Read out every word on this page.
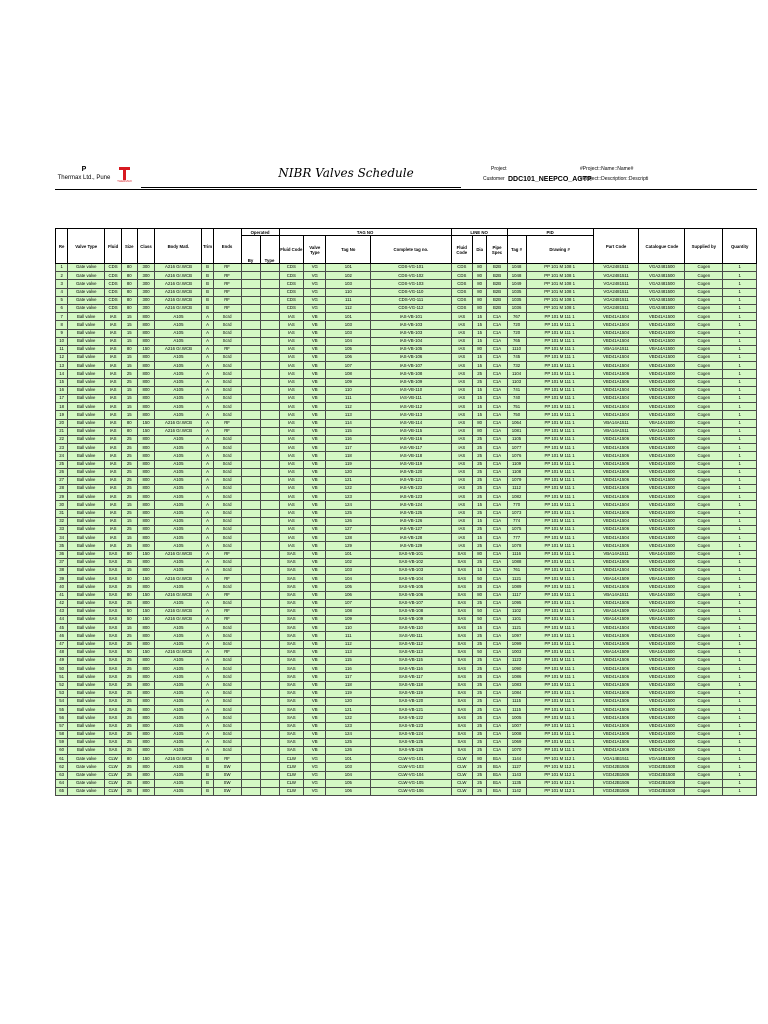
P
Thermax Ltd., Pune	THERMAX
NIBR Valves Schedule	Project	#Project::Name::Name#
Customer DDC101_NEEPCO_AGTP
#Project::Description::Descripti
Re	Valve Type	Fluid	Size	Class	Body Matl.	Trim	Ends	Operated		TAG NO				LINE NO			PID		Part Code	Catalogue Code	Supplied by	Quantity
								By	Type	Fluid Code	Valve Type	Tag No	Complete tag no.	Fluid Code	Dia	Pipe Spec	Tag #	Drawing #				
1	Gate valve	CDS	80	300	A216 Gr.WCB	B	RF			CDS	VG	101	CDS-VG-101	CDS	80	B2B	1048	PP 101 M 108 1	VGA2481511	VGA2481500	Cogen	1
2	Gate valve	CDS	80	300	A216 Gr.WCB	B	RF			CDS	VG	102	CDS-VG-102	CDS	80	B2B	1048	PP 101 M 108 1	VGA2481511	VGA2481500	Cogen	1
3	Gate valve	CDS	80	300	A216 Gr.WCB	B	RF			CDS	VG	103	CDS-VG-103	CDS	80	B2B	1049	PP 101 M 108 1	VGA2481511	VGA2481500	Cogen	1
4	Gate valve	CDS	80	300	A216 Gr.WCB	B	RF			CDS	VG	110	CDS-VG-110	CDS	80	B2B	1035	PP 101 M 108 1	VGA2481511	VGA2481500	Cogen	1
5	Gate valve	CDS	80	300	A216 Gr.WCB	B	RF			CDS	VG	111	CDS-VG-111	CDS	80	B2B	1035	PP 101 M 108 1	VGA2481511	VGA2481500	Cogen	1
6	Gate valve	CDS	80	300	A216 Gr.WCB	B	RF			CDS	VG	112	CDS-VG-112	CDS	80	B2B	1036	PP 101 M 108 1	VGA2481511	VGA2481500	Cogen	1
7	Ball valve	IAS	15	800	A105	A	Scrd			IAS	VB	101	IAS-VB-101	IAS	15	C1A	767	PP 101 M 111 1	VBD41A1504	VBD41A1500	Cogen	1
8	Ball valve	IAS	15	800	A105	A	Scrd			IAS	VB	103	IAS-VB-103	IAS	15	C1A	720	PP 101 M 111 1	VBD41A1504	VBD41A1500	Cogen	1
9	Ball valve	IAS	15	800	A105	A	Scrd			IAS	VB	103	IAS-VB-103	IAS	15	C1A	720	PP 101 M 111 1	VBD41A1504	VBD41A1500	Cogen	1
10	Ball valve	IAS	15	800	A105	A	Scrd			IAS	VB	104	IAS-VB-104	IAS	15	C1A	765	PP 101 M 111 1	VBD41A1504	VBD41A1500	Cogen	1
11	Ball valve	IAS	80	150	A216 Gr.WCB	A	RF			IAS	VB	105	IAS-VB-105	IAS	80	C1A	1110	PP 101 M 111 1	VBA14A1511	VBA14A1500	Cogen	1
12	Ball valve	IAS	15	800	A105	A	Scrd			IAS	VB	106	IAS-VB-106	IAS	15	C1A	745	PP 101 M 111 1	VBD41A1504	VBD41A1500	Cogen	1
13	Ball valve	IAS	15	800	A105	A	Scrd			IAS	VB	107	IAS-VB-107	IAS	15	C1A	732	PP 101 M 111 1	VBD41A1504	VBD41A1500	Cogen	1
14	Ball valve	IAS	25	800	A105	A	Scrd			IAS	VB	108	IAS-VB-108	IAS	25	C1A	1104	PP 101 M 111 1	VBD41A1506	VBD41A1500	Cogen	1
15	Ball valve	IAS	25	800	A105	A	Scrd			IAS	VB	109	IAS-VB-109	IAS	25	C1A	1103	PP 101 M 111 1	VBD41A1506	VBD41A1500	Cogen	1
16	Ball valve	IAS	15	800	A105	A	Scrd			IAS	VB	110	IAS-VB-110	IAS	15	C1A	741	PP 101 M 111 1	VBD41A1504	VBD41A1500	Cogen	1
17	Ball valve	IAS	15	800	A105	A	Scrd			IAS	VB	111	IAS-VB-111	IAS	15	C1A	740	PP 101 M 111 1	VBD41A1504	VBD41A1500	Cogen	1
18	Ball valve	IAS	15	800	A105	A	Scrd			IAS	VB	112	IAS-VB-112	IAS	15	C1A	751	PP 101 M 111 1	VBD41A1504	VBD41A1500	Cogen	1
19	Ball valve	IAS	15	800	A105	A	Scrd			IAS	VB	113	IAS-VB-113	IAS	15	C1A	750	PP 101 M 111 1	VBD41A1504	VBD41A1500	Cogen	1
20	Ball valve	IAS	80	150	A216 Gr.WCB	A	RF			IAS	VB	114	IAS-VB-114	IAS	80	C1A	1064	PP 101 M 111 1	VBA14A1511	VBA14A1500	Cogen	1
21	Ball valve	IAS	80	150	A216 Gr.WCB	A	RF			IAS	VB	115	IAS-VB-115	IAS	80	C1A	1081	PP 101 M 111 1	VBA14A1511	VBA14A1500	Cogen	1
22	Ball valve	IAS	25	800	A105	A	Scrd			IAS	VB	116	IAS-VB-116	IAS	25	C1A	1105	PP 101 M 111 1	VBD41A1506	VBD41A1500	Cogen	1
23	Ball valve	IAS	25	800	A105	A	Scrd			IAS	VB	117	IAS-VB-117	IAS	25	C1A	1077	PP 101 M 111 1	VBD41A1506	VBD41A1500	Cogen	1
24	Ball valve	IAS	25	800	A105	A	Scrd			IAS	VB	118	IAS-VB-118	IAS	25	C1A	1076	PP 101 M 111 1	VBD41A1506	VBD41A1500	Cogen	1
25	Ball valve	IAS	25	800	A105	A	Scrd			IAS	VB	119	IAS-VB-119	IAS	25	C1A	1109	PP 101 M 111 1	VBD41A1506	VBD41A1500	Cogen	1
26	Ball valve	IAS	25	800	A105	A	Scrd			IAS	VB	120	IAS-VB-120	IAS	25	C1A	1108	PP 101 M 111 1	VBD41A1506	VBD41A1500	Cogen	1
27	Ball valve	IAS	25	800	A105	A	Scrd			IAS	VB	121	IAS-VB-121	IAS	25	C1A	1079	PP 101 M 111 1	VBD41A1506	VBD41A1500	Cogen	1
28	Ball valve	IAS	25	800	A105	A	Scrd			IAS	VB	122	IAS-VB-122	IAS	25	C1A	1112	PP 101 M 111 1	VBD41A1506	VBD41A1500	Cogen	1
29	Ball valve	IAS	25	800	A105	A	Scrd			IAS	VB	123	IAS-VB-123	IAS	25	C1A	1082	PP 101 M 111 1	VBD41A1506	VBD41A1500	Cogen	1
30	Ball valve	IAS	15	800	A105	A	Scrd			IAS	VB	124	IAS-VB-124	IAS	15	C1A	770	PP 101 M 111 1	VBD41A1504	VBD41A1500	Cogen	1
31	Ball valve	IAS	25	800	A105	A	Scrd			IAS	VB	125	IAS-VB-125	IAS	25	C1A	1073	PP 101 M 111 1	VBD41A1506	VBD41A1500	Cogen	1
32	Ball valve	IAS	15	800	A105	A	Scrd			IAS	VB	126	IAS-VB-126	IAS	15	C1A	774	PP 101 M 111 1	VBD41A1504	VBD41A1500	Cogen	1
33	Ball valve	IAS	25	800	A105	A	Scrd			IAS	VB	127	IAS-VB-127	IAS	25	C1A	1075	PP 101 M 111 1	VBD41A1506	VBD41A1500	Cogen	1
34	Ball valve	IAS	15	800	A105	A	Scrd			IAS	VB	128	IAS-VB-128	IAS	15	C1A	777	PP 101 M 111 1	VBD41A1504	VBD41A1500	Cogen	1
35	Ball valve	IAS	25	800	A105	A	Scrd			IAS	VB	129	IAS-VB-129	IAS	25	C1A	1078	PP 101 M 111 1	VBD41A1506	VBD41A1500	Cogen	1
36	Ball valve	SAS	80	150	A216 Gr.WCB	A	RF			SAS	VB	101	SAS-VB-101	SAS	80	C1A	1116	PP 101 M 111 1	VBA14A1511	VBA14A1500	Cogen	1
37	Ball valve	SAS	25	800	A105	A	Scrd			SAS	VB	102	SAS-VB-102	SAS	25	C1A	1088	PP 101 M 111 1	VBD41A1506	VBD41A1500	Cogen	1
38	Ball valve	SAS	15	800	A105	A	Scrd			SAS	VB	103	SAS-VB-103	SAS	15	C1A	761	PP 101 M 111 1	VBD41A1504	VBD41A1500	Cogen	1
39	Ball valve	SAS	50	150	A216 Gr.WCB	A	RF			SAS	VB	104	SAS-VB-104	SAS	50	C1A	1121	PP 101 M 111 1	VBA14A1509	VBA14A1500	Cogen	1
40	Ball valve	SAS	25	800	A105	A	Scrd			SAS	VB	105	SAS-VB-105	SAS	25	C1A	1089	PP 101 M 111 1	VBD41A1506	VBD41A1500	Cogen	1
41	Ball valve	SAS	80	150	A216 Gr.WCB	A	RF			SAS	VB	106	SAS-VB-106	SAS	80	C1A	1117	PP 101 M 111 1	VBA14A1511	VBA14A1500	Cogen	1
42	Ball valve	SAS	25	800	A105	A	Scrd			SAS	VB	107	SAS-VB-107	SAS	25	C1A	1095	PP 101 M 111 1	VBD41A1506	VBD41A1500	Cogen	1
43	Ball valve	SAS	50	150	A216 Gr.WCB	A	RF			SAS	VB	108	SAS-VB-108	SAS	50	C1A	1102	PP 101 M 111 1	VBA14A1509	VBA14A1500	Cogen	1
44	Ball valve	SAS	50	150	A216 Gr.WCB	A	RF			SAS	VB	109	SAS-VB-109	SAS	50	C1A	1101	PP 101 M 111 1	VBA14A1509	VBA14A1500	Cogen	1
45	Ball valve	SAS	15	800	A105	A	Scrd			SAS	VB	110	SAS-VB-110	SAS	15	C1A	1121	PP 101 M 111 1	VBD41A1504	VBD41A1500	Cogen	1
46	Ball valve	SAS	25	800	A105	A	Scrd			SAS	VB	111	SAS-VB-111	SAS	25	C1A	1097	PP 101 M 111 1	VBD41A1506	VBD41A1500	Cogen	1
47	Ball valve	SAS	25	800	A105	A	Scrd			SAS	VB	112	SAS-VB-112	SAS	25	C1A	1099	PP 101 M 111 1	VBD41A1506	VBD41A1500	Cogen	1
48	Ball valve	SAS	50	150	A216 Gr.WCB	A	RF			SAS	VB	113	SAS-VB-113	SAS	50	C1A	1003	PP 101 M 111 1	VBA14A1509	VBA14A1500	Cogen	1
49	Ball valve	SAS	25	800	A105	A	Scrd			SAS	VB	115	SAS-VB-115	SAS	25	C1A	1123	PP 101 M 111 1	VBD41A1506	VBD41A1500	Cogen	1
50	Ball valve	SAS	25	800	A105	A	Scrd			SAS	VB	116	SAS-VB-116	SAS	25	C1A	1090	PP 101 M 111 1	VBD41A1506	VBD41A1500	Cogen	1
51	Ball valve	SAS	25	800	A105	A	Scrd			SAS	VB	117	SAS-VB-117	SAS	25	C1A	1086	PP 101 M 111 1	VBD41A1506	VBD41A1500	Cogen	1
52	Ball valve	SAS	25	800	A105	A	Scrd			SAS	VB	118	SAS-VB-118	SAS	25	C1A	1083	PP 101 M 111 1	VBD41A1506	VBD41A1500	Cogen	1
53	Ball valve	SAS	25	800	A105	A	Scrd			SAS	VB	119	SAS-VB-119	SAS	25	C1A	1084	PP 101 M 111 1	VBD41A1506	VBD41A1500	Cogen	1
54	Ball valve	SAS	25	800	A105	A	Scrd			SAS	VB	120	SAS-VB-120	SAS	25	C1A	1115	PP 101 M 111 1	VBD41A1506	VBD41A1500	Cogen	1
55	Ball valve	SAS	25	800	A105	A	Scrd			SAS	VB	121	SAS-VB-121	SAS	25	C1A	1115	PP 101 M 111 1	VBD41A1506	VBD41A1500	Cogen	1
56	Ball valve	SAS	25	800	A105	A	Scrd			SAS	VB	122	SAS-VB-122	SAS	25	C1A	1005	PP 101 M 111 1	VBD41A1506	VBD41A1500	Cogen	1
57	Ball valve	SAS	25	800	A105	A	Scrd			SAS	VB	123	SAS-VB-123	SAS	25	C1A	1007	PP 101 M 111 1	VBD41A1506	VBD41A1500	Cogen	1
58	Ball valve	SAS	25	800	A105	A	Scrd			SAS	VB	124	SAS-VB-124	SAS	25	C1A	1008	PP 101 M 111 1	VBD41A1506	VBD41A1500	Cogen	1
59	Ball valve	SAS	25	800	A105	A	Scrd			SAS	VB	125	SAS-VB-125	SAS	25	C1A	1069	PP 101 M 111 1	VBD41A1506	VBD41A1500	Cogen	1
60	Ball valve	SAS	25	800	A105	A	Scrd			SAS	VB	126	SAS-VB-126	SAS	25	C1A	1070	PP 101 M 111 1	VBD41A1506	VBD41A1500	Cogen	1
61	Gate valve	CLW	80	150	A216 Gr.WCB	B	RF			CLW	VG	101	CLW-VG-101	CLW	80	B1A	1144	PP 101 M 112 1	VGA14B1511	VGA14B1500	Cogen	1
62	Gate valve	CLW	25	800	A105	B	SW			CLW	VG	103	CLW-VG-103	CLW	25	B1A	1127	PP 101 M 112 1	VGD42B1506	VGD42B1500	Cogen	1
63	Gate valve	CLW	25	800	A105	B	SW			CLW	VG	104	CLW-VG-104	CLW	25	B1A	1143	PP 101 M 112 1	VGD42B1506	VGD42B1500	Cogen	1
64	Gate valve	CLW	25	800	A105	B	SW			CLW	VG	105	CLW-VG-105	CLW	25	B1A	1135	PP 101 M 112 1	VGD42B1506	VGD42B1500	Cogen	1
65	Gate valve	CLW	25	800	A105	B	SW			CLW	VG	106	CLW-VG-106	CLW	25	B1A	1142	PP 101 M 112 1	VGD42B1506	VGD42B1500	Cogen	1
